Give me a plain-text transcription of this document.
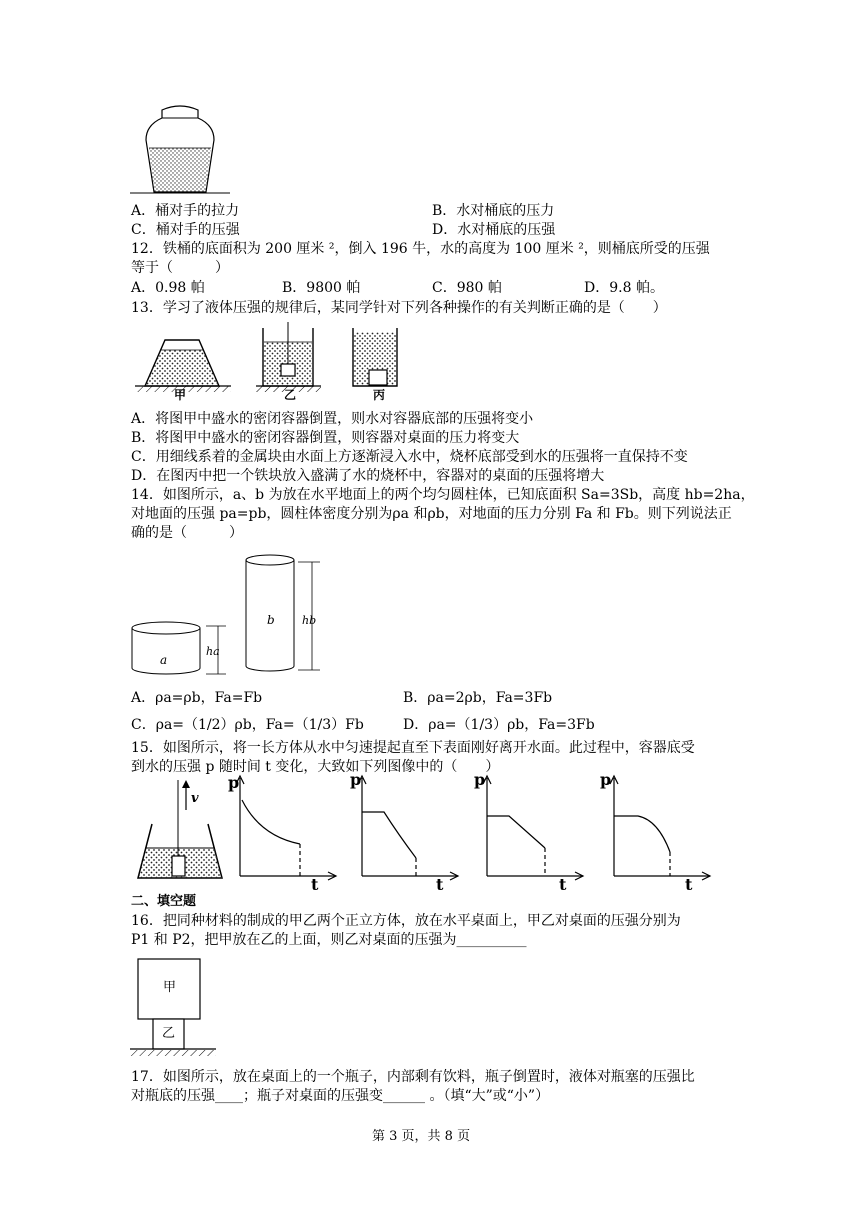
A．桶对手的拉力	B．水对桶底的压力
C．桶对手的压强	D．水对桶底的压强
12．铁桶的底面积为 200 厘米 ²，倒入 196 牛，水的高度为 100 厘米 ²，则桶底所受的压强
等于（　　　）
A．0.98 帕	B．9800 帕	C．980 帕	D．9.8 帕。
13．学习了液体压强的规律后，某同学针对下列各种操作的有关判断正确的是（　　）
甲	乙	丙
A．将图甲中盛水的密闭容器倒置，则水对容器底部的压强将变小
B．将图甲中盛水的密闭容器倒置，则容器对桌面的压力将变大
C．用细线系着的金属块由水面上方逐渐浸入水中，烧杯底部受到水的压强将一直保持不变
D．在图丙中把一个铁块放入盛满了水的烧杯中，容器对的桌面的压强将增大
14．如图所示，a、b 为放在水平地面上的两个均匀圆柱体，已知底面积 Sa=3Sb，高度 hb=2ha，
对地面的压强 pa=pb，圆柱体密度分别为ρa 和ρb，对地面的压力分别 Fa 和 Fb。则下列说法正
确的是（　　　）
a
b
ha
hb
A．ρa=ρb，Fa=Fb	B．ρa=2ρb，Fa=3Fb
C．ρa=（1/2）ρb，Fa=（1/3）Fb	D．ρa=（1/3）ρb，Fa=3Fb
15．如图所示，将一长方体从水中匀速提起直至下表面刚好离开水面。此过程中，容器底受
到水的压强 p 随时间 t 变化，大致如下列图像中的（　　）
v
p	p	p	p
t	t	t	t
二、填空题
16．把同种材料的制成的甲乙两个正立方体，放在水平桌面上，甲乙对桌面的压强分别为
P1 和 P2，把甲放在乙的上面，则乙对桌面的压强为__________
甲
乙
17．如图所示，放在桌面上的一个瓶子，内部剩有饮料，瓶子倒置时，液体对瓶塞的压强比
对瓶底的压强____；瓶子对桌面的压强变______ 。（填“大”或“小”）
第 3 页，共 8 页
